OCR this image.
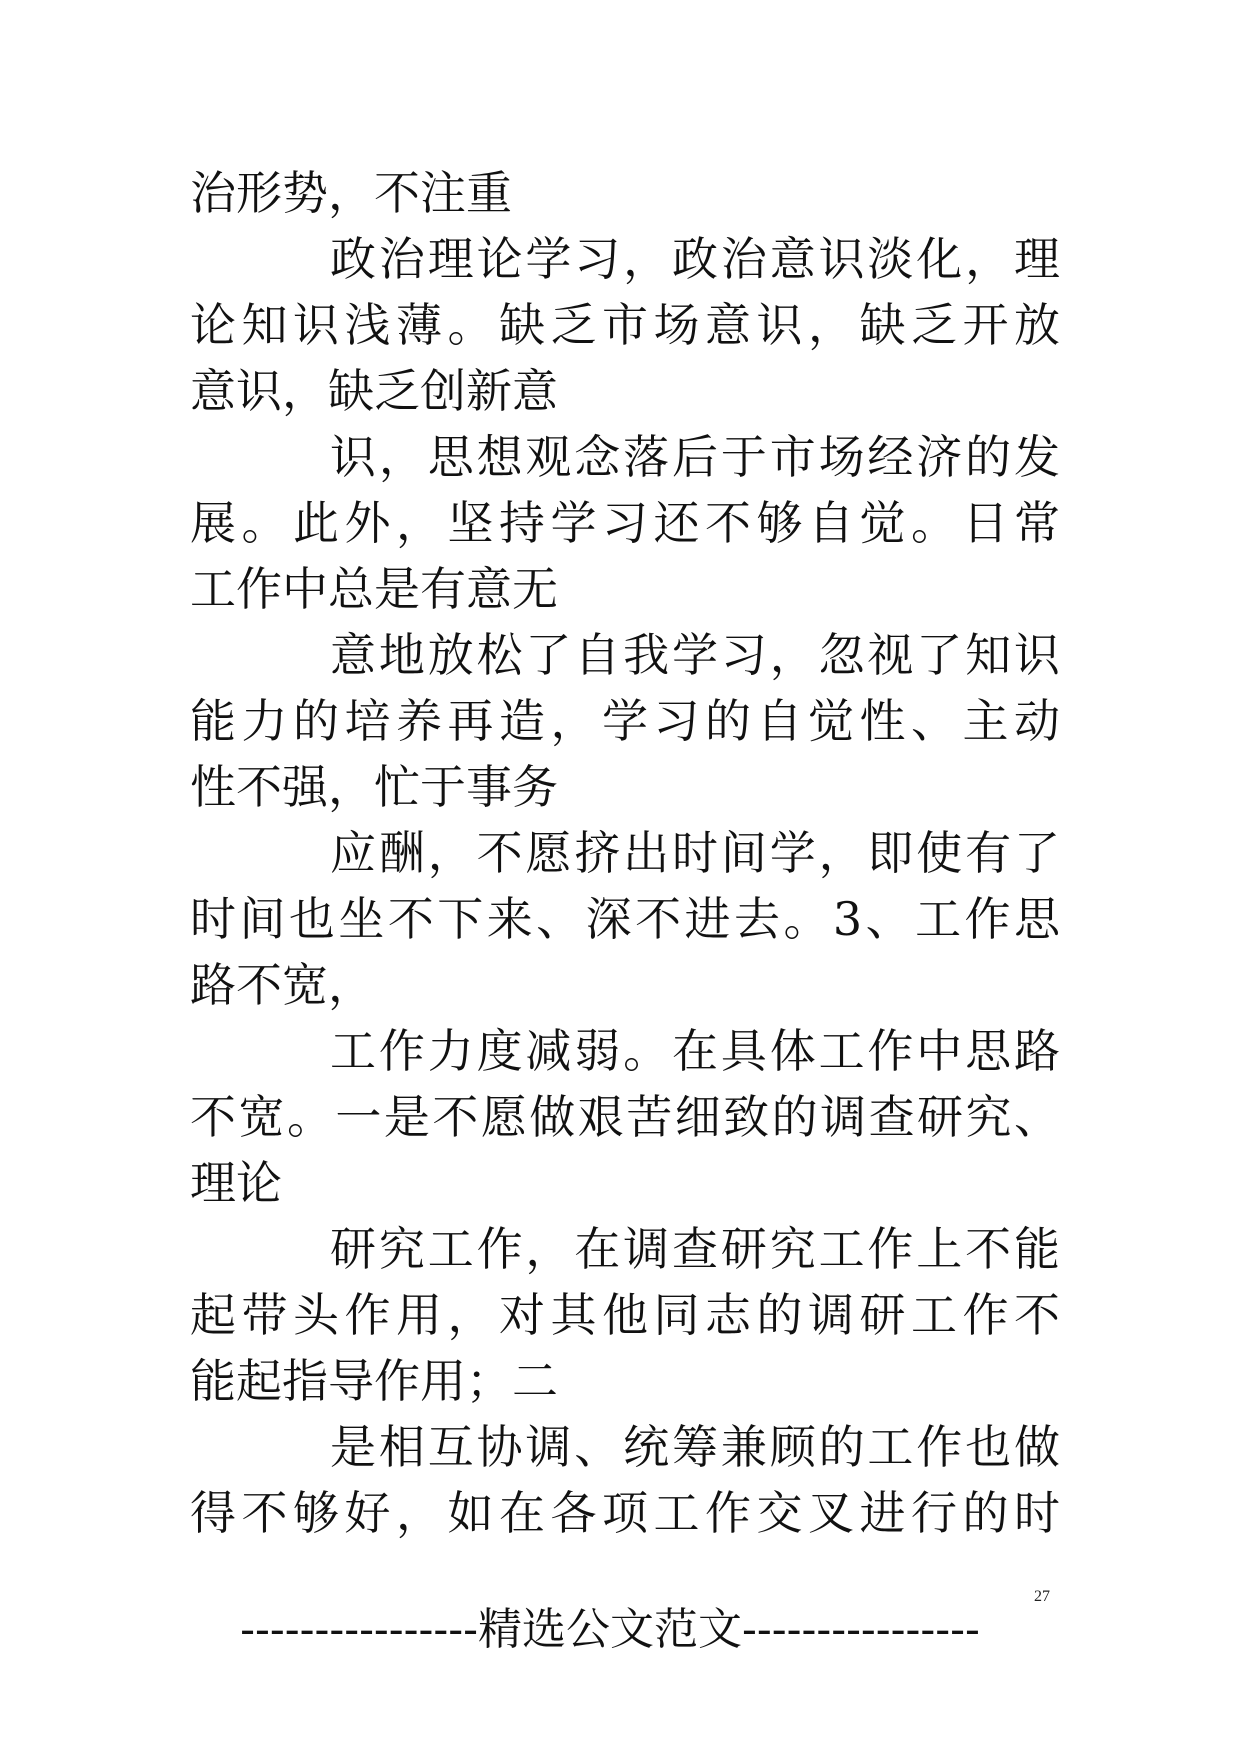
治形势，不注重
政治理论学习，政治意识淡化，理
论知识浅薄。缺乏市场意识，缺乏开放
意识，缺乏创新意
识，思想观念落后于市场经济的发
展。此外，坚持学习还不够自觉。日常
工作中总是有意无
意地放松了自我学习，忽视了知识
能力的培养再造，学习的自觉性、主动
性不强，忙于事务
应酬，不愿挤出时间学，即使有了
时间也坐不下来、深不进去。3、工作思
路不宽，
工作力度减弱。在具体工作中思路
不宽。一是不愿做艰苦细致的调查研究、
理论
研究工作，在调查研究工作上不能
起带头作用，对其他同志的调研工作不
能起指导作用；二
是相互协调、统筹兼顾的工作也做
得不够好，如在各项工作交叉进行的时
27
----------------精选公文范文----------------
